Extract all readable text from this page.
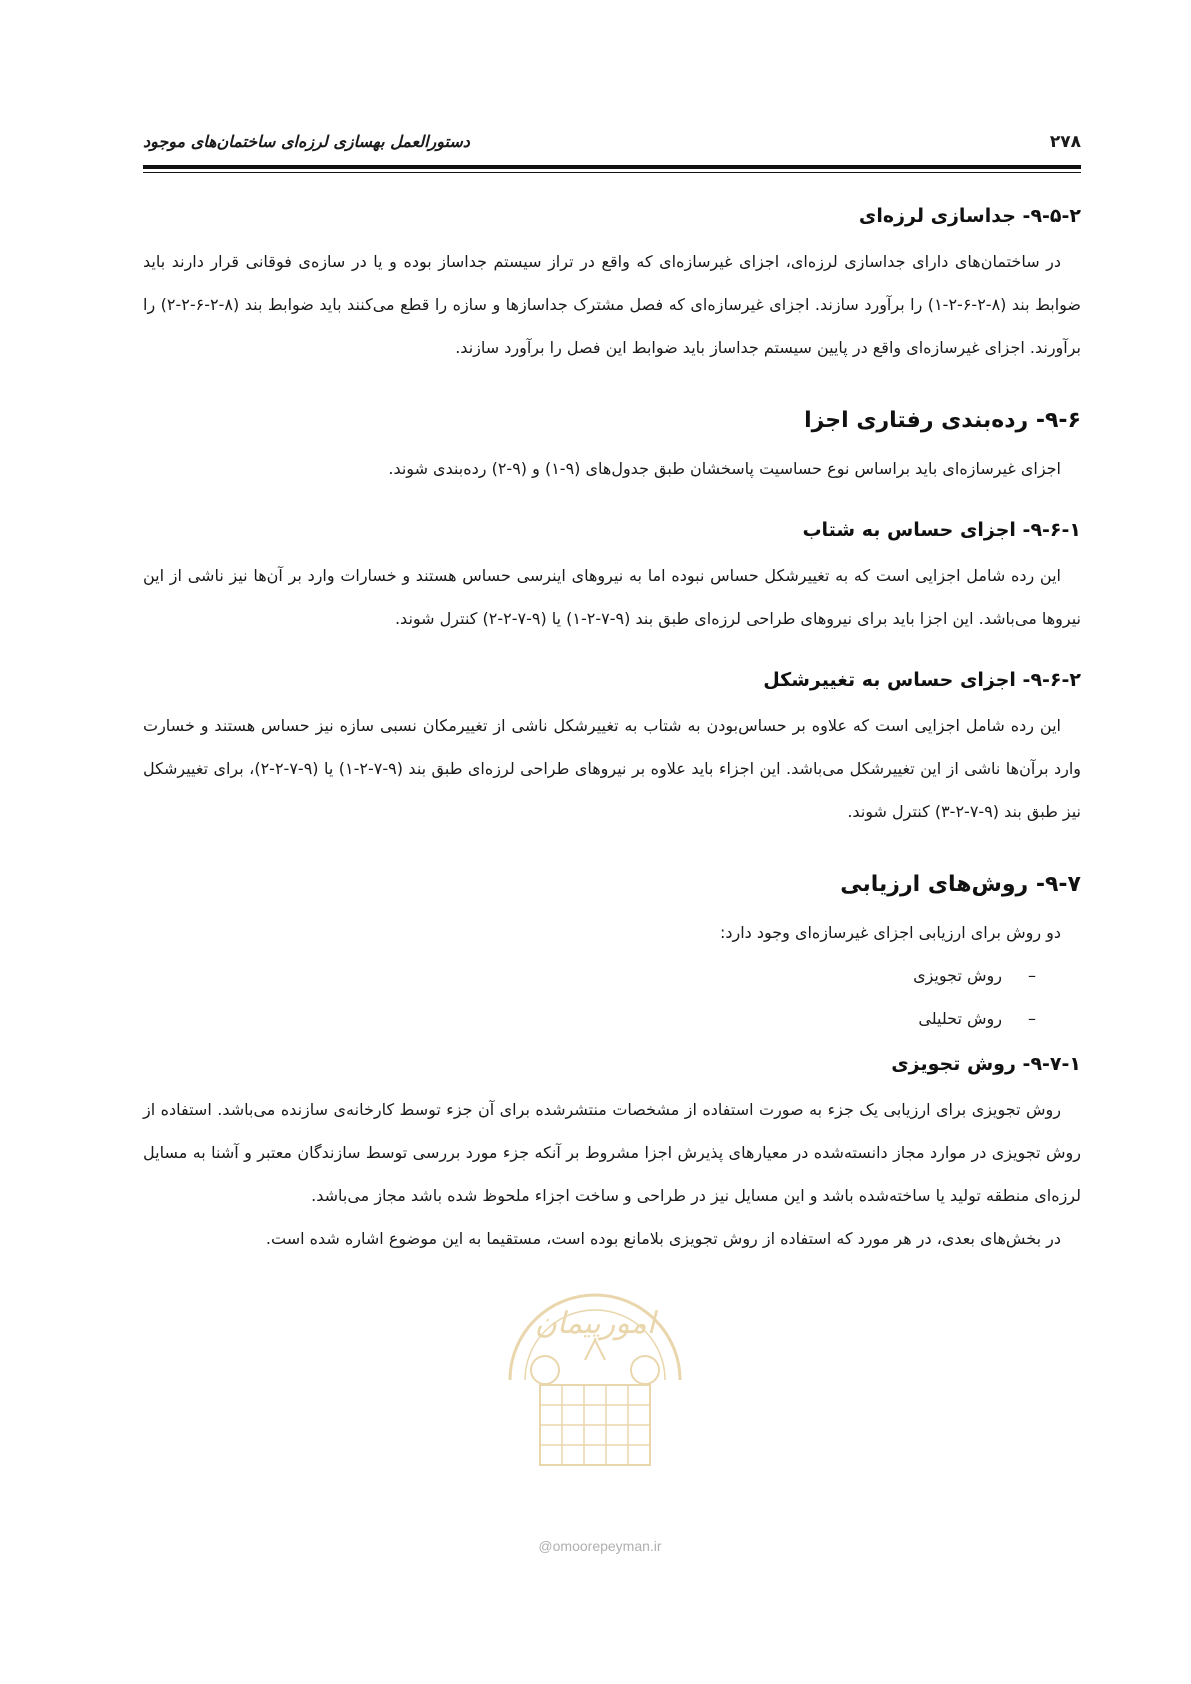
۲۷۸
دستورالعمل بهسازی لرزه‌ای ساختمان‌های موجود
۹-۵-۲- جداسازی لرزه‌ای

در ساختمان‌های دارای جداسازی لرزه‌ای، اجزای غیرسازه‌ای که واقع در تراز سیستم جداساز بوده و یا در سازه‌ی فوقانی قرار دارند باید ضوابط بند (۸-۲-۶-۲-۱) را برآورد سازند. اجزای غیرسازه‌ای که فصل مشترک جداسازها و سازه را قطع می‌کنند باید ضوابط بند (۸-۲-۶-۲-۲) را برآورند. اجزای غیرسازه‌ای واقع در پایین سیستم جداساز باید ضوابط این فصل را برآورد سازند.

۹-۶- رده‌بندی رفتاری اجزا

اجزای غیرسازه‌ای باید براساس نوع حساسیت پاسخشان طبق جدول‌های (۹-۱) و (۹-۲) رده‌بندی شوند.

۹-۶-۱- اجزای حساس به شتاب

این رده شامل اجزایی است که به تغییرشکل حساس نبوده اما به نیروهای اینرسی حساس هستند و خسارات وارد بر آن‌ها نیز ناشی از این نیروها می‌باشد. این اجزا باید برای نیروهای طراحی لرزه‌ای طبق بند (۹-۷-۲-۱) یا (۹-۷-۲-۲) کنترل شوند.

۹-۶-۲- اجزای حساس به تغییرشکل

این رده شامل اجزایی است که علاوه بر حساس‌بودن به شتاب به تغییرشکل ناشی از تغییرمکان نسبی سازه نیز حساس هستند و خسارت وارد برآن‌ها ناشی از این تغییرشکل می‌باشد. این اجزاء باید علاوه بر نیروهای طراحی لرزه‌ای طبق بند (۹-۷-۲-۱) یا (۹-۷-۲-۲)، برای تغییرشکل نیز طبق بند (۹-۷-۲-۳) کنترل شوند.

۹-۷- روش‌های ارزیابی

دو روش برای ارزیابی اجزای غیرسازه‌ای وجود دارد:

–روش تجویزی
–روش تحلیلی
۹-۷-۱- روش تجویزی

روش تجویزی برای ارزیابی یک جزء به صورت استفاده از مشخصات منتشرشده برای آن جزء توسط کارخانه‌ی سازنده می‌باشد. استفاده از روش تجویزی در موارد مجاز دانسته‌شده در معیارهای پذیرش اجزا مشروط بر آنکه جزء مورد بررسی توسط سازندگان معتبر و آشنا به مسایل لرزه‌ای منطقه تولید یا ساخته‌شده باشد و این مسایل نیز در طراحی و ساخت اجزاء ملحوظ شده باشد مجاز می‌باشد.

در بخش‌های بعدی، در هر مورد که استفاده از روش تجویزی بلامانع بوده است، مستقیما به این موضوع اشاره شده است.

امورپیمان
@omoorepeyman.ir
